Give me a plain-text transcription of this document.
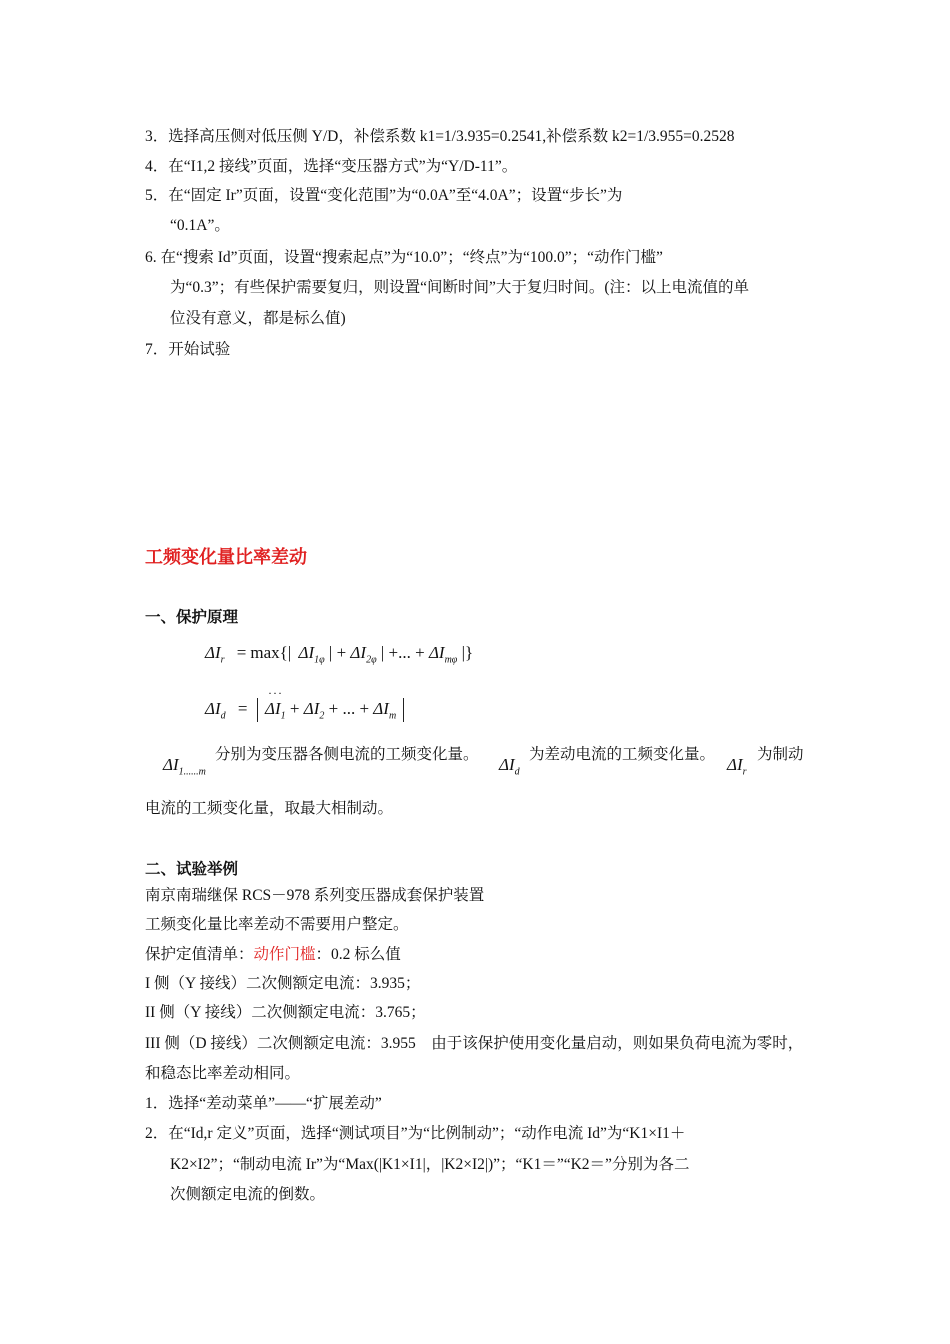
3．选择高压侧对低压侧 Y/D，补偿系数 k1=1/3.935=0.2541,补偿系数 k2=1/3.955=0.2528
4．在“I1,2 接线”页面，选择“变压器方式”为“Y/D-11”。
5．在“固定 Ir”页面，设置“变化范围”为“0.0A”至“4.0A”；设置“步长”为
“0.1A”。
6. 在“搜索 Id”页面，设置“搜索起点”为“10.0”；“终点”为“100.0”；“动作门槛”
为“0.3”；有些保护需要复归，则设置“间断时间”大于复归时间。(注：以上电流值的单
位没有意义，都是标么值)
7．开始试验
工频变化量比率差动
一、保护原理
$\Delta I_r = \max\{|$ $\Delta I_{1\varphi}$ | + $\Delta I_{2\varphi}$ | +... + $\Delta I_{m\varphi}$ |}
$\Delta I_d = \Delta I_1 + \Delta I_2$ + ... + $\Delta I_m$
···
$\Delta I_{1......m}$
分别为变压器各侧电流的工频变化量。
$\Delta I_d$
为差动电流的工频变化量。
$\Delta I_r$
为制动
电流的工频变化量，取最大相制动。
二、试验举例
南京南瑞继保 RCS－978 系列变压器成套保护装置
工频变化量比率差动不需要用户整定。
保护定值清单：动作门槛：0.2 标么值
I 侧（Y 接线）二次侧额定电流：3.935；
II 侧（Y 接线）二次侧额定电流：3.765；
III 侧（D 接线）二次侧额定电流：3.955　由于该保护使用变化量启动，则如果负荷电流为零时，
和稳态比率差动相同。
1．选择“差动菜单”——“扩展差动”
2．在“Id,r 定义”页面，选择“测试项目”为“比例制动”；“动作电流 Id”为“K1×I1＋
K2×I2”；“制动电流 Ir”为“Max(|K1×I1|，|K2×I2|)”；“K1＝”“K2＝”分别为各二
次侧额定电流的倒数。
